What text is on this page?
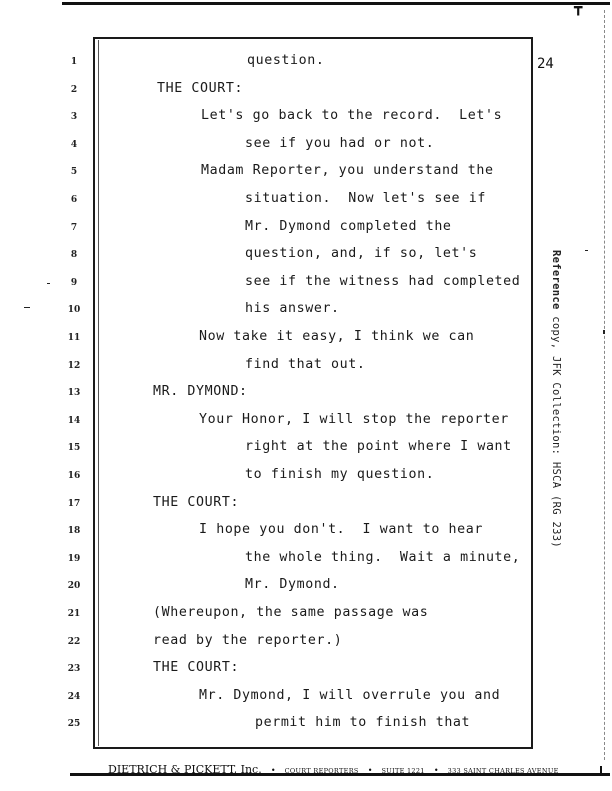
┳
24
1	question.
2	THE COURT:
3	Let's go back to the record.  Let's
4	see if you had or not.
5	Madam Reporter, you understand the
6	situation.  Now let's see if
7	Mr. Dymond completed the
8	question, and, if so, let's
9	see if the witness had completed
10	his answer.
11	Now take it easy, I think we can
12	find that out.
13	MR. DYMOND:
14	Your Honor, I will stop the reporter
15	right at the point where I want
16	to finish my question.
17	THE COURT:
18	I hope you don't.  I want to hear
19	the whole thing.  Wait a minute,
20	Mr. Dymond.
21	(Whereupon, the same passage was
22	read by the reporter.)
23	THE COURT:
24	Mr. Dymond, I will overrule you and
25	permit him to finish that
Reference copy, JFK Collection: HSCA (RG 233)
DIETRICH & PICKETT, Inc. • COURT REPORTERS • SUITE 1221 • 333 SAINT CHARLES AVENUE
